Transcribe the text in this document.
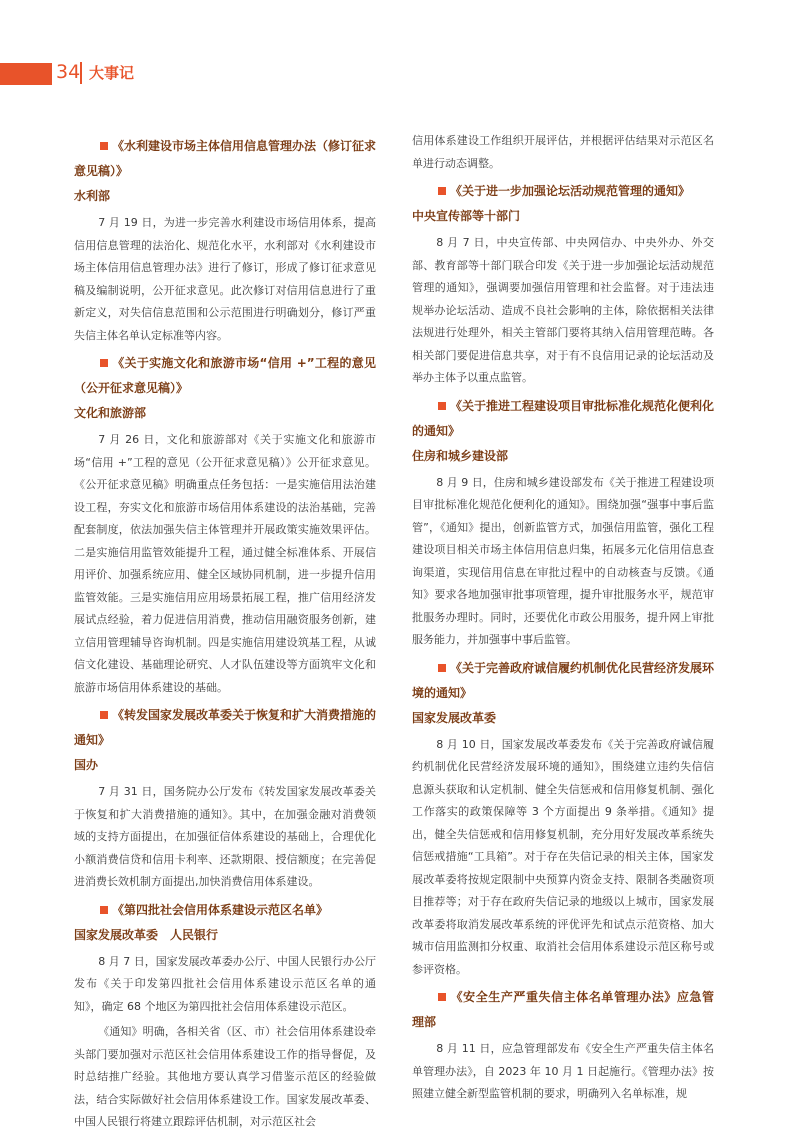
34 大事记
《水利建设市场主体信用信息管理办法（修订征求意见稿）》
水利部

7 月 19 日，为进一步完善水利建设市场信用体系，提高信用信息管理的法治化、规范化水平，水利部对《水利建设市场主体信用信息管理办法》进行了修订，形成了修订征求意见稿及编制说明，公开征求意见。此次修订对信用信息进行了重新定义，对失信信息范围和公示范围进行明确划分，修订严重失信主体名单认定标准等内容。

《关于实施文化和旅游市场“信用 +”工程的意见（公开征求意见稿）》
文化和旅游部

7 月 26 日，文化和旅游部对《关于实施文化和旅游市场“信用 +”工程的意见（公开征求意见稿）》公开征求意见。《公开征求意见稿》明确重点任务包括：一是实施信用法治建设工程，夯实文化和旅游市场信用体系建设的法治基础，完善配套制度，依法加强失信主体管理并开展政策实施效果评估。二是实施信用监管效能提升工程，通过健全标准体系、开展信用评价、加强系统应用、健全区域协同机制，进一步提升信用监管效能。三是实施信用应用场景拓展工程，推广信用经济发展试点经验，着力促进信用消费，推动信用融资服务创新，建立信用管理辅导咨询机制。四是实施信用建设筑基工程，从诚信文化建设、基础理论研究、人才队伍建设等方面筑牢文化和旅游市场信用体系建设的基础。

《转发国家发展改革委关于恢复和扩大消费措施的通知》
国办

7 月 31 日，国务院办公厅发布《转发国家发展改革委关于恢复和扩大消费措施的通知》。其中，在加强金融对消费领域的支持方面提出，在加强征信体系建设的基础上，合理优化小额消费信贷和信用卡利率、还款期限、授信额度；在完善促进消费长效机制方面提出,加快消费信用体系建设。

《第四批社会信用体系建设示范区名单》
国家发展改革委　人民银行

8 月 7 日，国家发展改革委办公厅、中国人民银行办公厅发布《关于印发第四批社会信用体系建设示范区名单的通知》，确定 68 个地区为第四批社会信用体系建设示范区。

《通知》明确，各相关省（区、市）社会信用体系建设牵头部门要加强对示范区社会信用体系建设工作的指导督促，及时总结推广经验。其他地方要认真学习借鉴示范区的经验做法，结合实际做好社会信用体系建设工作。国家发展改革委、中国人民银行将建立跟踪评估机制，对示范区社会

信用体系建设工作组织开展评估，并根据评估结果对示范区名单进行动态调整。

《关于进一步加强论坛活动规范管理的通知》
中央宣传部等十部门

8 月 7 日，中央宣传部、中央网信办、中央外办、外交部、教育部等十部门联合印发《关于进一步加强论坛活动规范管理的通知》，强调要加强信用管理和社会监督。对于违法违规举办论坛活动、造成不良社会影响的主体，除依据相关法律法规进行处理外，相关主管部门要将其纳入信用管理范畴。各相关部门要促进信息共享，对于有不良信用记录的论坛活动及举办主体予以重点监管。

《关于推进工程建设项目审批标准化规范化便利化的通知》
住房和城乡建设部

8 月 9 日，住房和城乡建设部发布《关于推进工程建设项目审批标准化规范化便利化的通知》。围绕加强“强事中事后监管”，《通知》提出，创新监管方式，加强信用监管，强化工程建设项目相关市场主体信用信息归集，拓展多元化信用信息查询渠道，实现信用信息在审批过程中的自动核查与反馈。《通知》要求各地加强审批事项管理，提升审批服务水平，规范审批服务办理时。同时，还要优化市政公用服务，提升网上审批服务能力，并加强事中事后监管。

《关于完善政府诚信履约机制优化民营经济发展环境的通知》
国家发展改革委

8 月 10 日，国家发展改革委发布《关于完善政府诚信履约机制优化民营经济发展环境的通知》，围绕建立违约失信信息源头获取和认定机制、健全失信惩戒和信用修复机制、强化工作落实的政策保障等 3 个方面提出 9 条举措。《通知》提出，健全失信惩戒和信用修复机制，充分用好发展改革系统失信惩戒措施“工具箱”。对于存在失信记录的相关主体，国家发展改革委将按规定限制中央预算内资金支持、限制各类融资项目推荐等；对于存在政府失信记录的地级以上城市，国家发展改革委将取消发展改革系统的评优评先和试点示范资格、加大城市信用监测扣分权重、取消社会信用体系建设示范区称号或参评资格。

《安全生产严重失信主体名单管理办法》应急管理部

8 月 11 日，应急管理部发布《安全生产严重失信主体名单管理办法》，自 2023 年 10 月 1 日起施行。《管理办法》按照建立健全新型监管机制的要求，明确列入名单标准，规
